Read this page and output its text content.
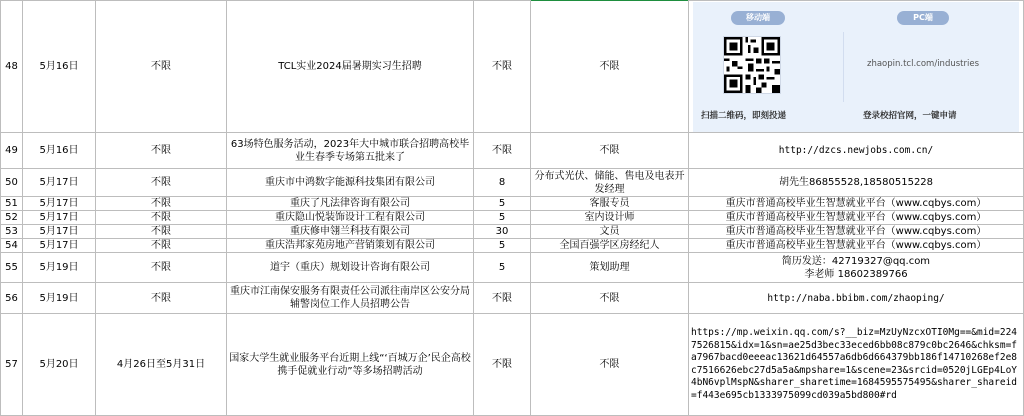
48	5月16日	不限	TCL实业2024届暑期实习生招聘	不限	不限	移动端 PC端
zhaopin.tcl.com/industries
扫描二维码，即刻投递 登录校招官网，一键申请

49	5月16日	不限	63场特色服务活动，2023年大中城市联合招聘高校毕业生春季专场第五批来了	不限	不限	http://dzcs.newjobs.com.cn/
50	5月17日	不限	重庆市中鸿数字能源科技集团有限公司	8	分布式光伏、储能、售电及电表开发经理	胡先生86855528,18580515228
51	5月17日	不限	重庆了凡法律咨询有限公司	5	客服专员	重庆市普通高校毕业生智慧就业平台（www.cqbys.com）
52	5月17日	不限	重庆隐山悦装饰设计工程有限公司	5	室内设计师	重庆市普通高校毕业生智慧就业平台（www.cqbys.com）
53	5月17日	不限	重庆修申翎兰科技有限公司	30	文员	重庆市普通高校毕业生智慧就业平台（www.cqbys.com）
54	5月17日	不限	重庆浩邦家苑房地产营销策划有限公司	5	全国百强学区房经纪人	重庆市普通高校毕业生智慧就业平台（www.cqbys.com）
55	5月19日	不限	道宇（重庆）规划设计咨询有限公司	5	策划助理	简历发送：42719327@qq.com
李老师 18602389766

56	5月19日	不限	重庆市江南保安服务有限责任公司派往南岸区公安分局辅警岗位工作人员招聘公告	不限	不限	http://naba.bbibm.com/zhaoping/
57	5月20日	4月26日至5月31日	国家大学生就业服务平台近期上线“‘百城万企’民企高校携手促就业行动”等多场招聘活动	不限	不限	https://mp.weixin.qq.com/s?__biz=MzUyNzcxOTI0Mg==&mid=2247526815&idx=1&sn=ae25d3bec33eced6bb08c879c0bc2646&chksm=fa7967bacd0eeeac13621d64557a6db6d664379bb186f14710268ef2e8c7516626ebc27d5a5a&mpshare=1&scene=23&srcid=0520jLGEp4LoY4bN6vplMspN&sharer_sharetime=1684595575495&sharer_shareid=f443e695cb1333975099cd039a5bd800#rd
